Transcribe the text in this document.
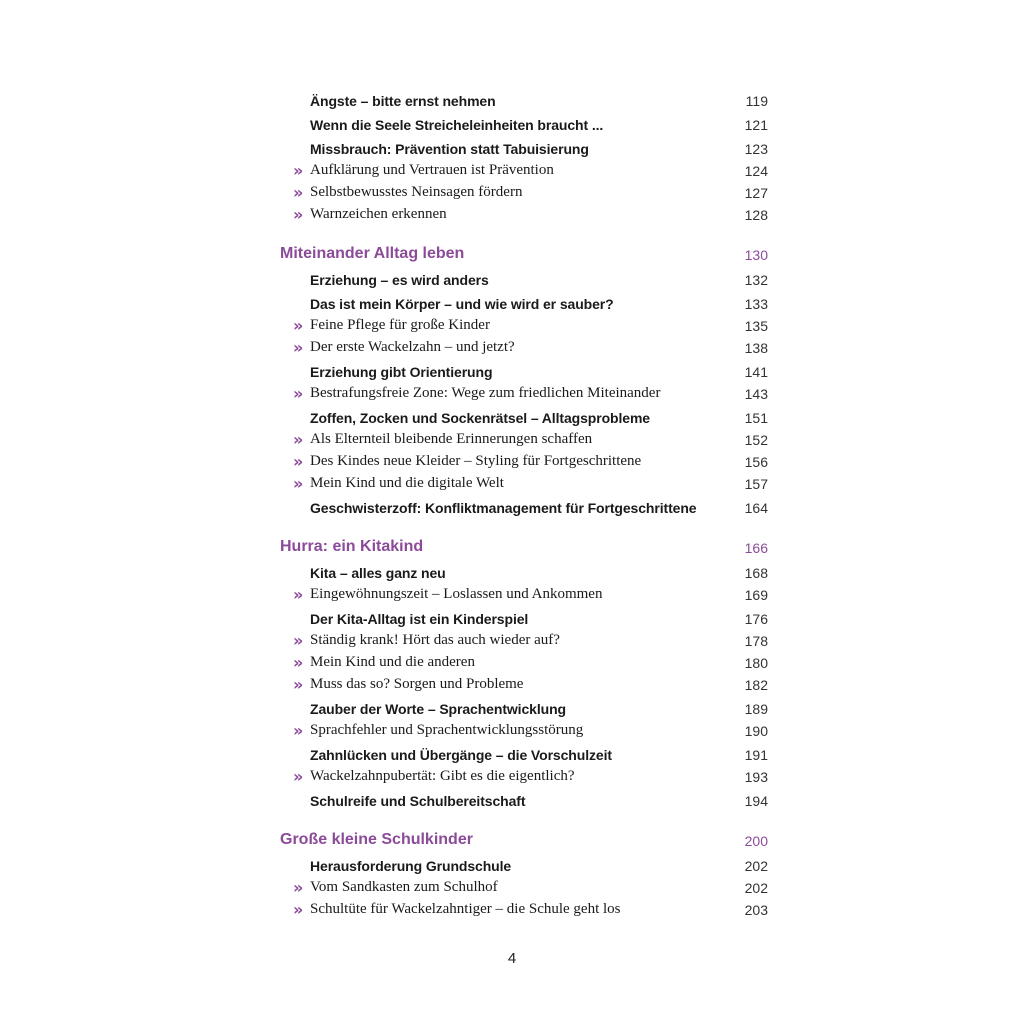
Ängste – bitte ernst nehmen	119
Wenn die Seele Streicheleinheiten braucht ...	121
Missbrauch: Prävention statt Tabuisierung	123
» Aufklärung und Vertrauen ist Prävention	124
» Selbstbewusstes Neinsagen fördern	127
» Warnzeichen erkennen	128
Miteinander Alltag leben	130
Erziehung – es wird anders	132
Das ist mein Körper – und wie wird er sauber?	133
» Feine Pflege für große Kinder	135
» Der erste Wackelzahn – und jetzt?	138
Erziehung gibt Orientierung	141
» Bestrafungsfreie Zone: Wege zum friedlichen Miteinander	143
Zoffen, Zocken und Sockenrätsel – Alltagsprobleme	151
» Als Elternteil bleibende Erinnerungen schaffen	152
» Des Kindes neue Kleider – Styling für Fortgeschrittene	156
» Mein Kind und die digitale Welt	157
Geschwisterzoff: Konfliktmanagement für Fortgeschrittene	164
Hurra: ein Kitakind	166
Kita – alles ganz neu	168
» Eingewöhnungszeit – Loslassen und Ankommen	169
Der Kita-Alltag ist ein Kinderspiel	176
» Ständig krank! Hört das auch wieder auf?	178
» Mein Kind und die anderen	180
» Muss das so? Sorgen und Probleme	182
Zauber der Worte – Sprachentwicklung	189
» Sprachfehler und Sprachentwicklungsstörung	190
Zahnlücken und Übergänge – die Vorschulzeit	191
» Wackelzahnpubertät: Gibt es die eigentlich?	193
Schulreife und Schulbereitschaft	194
Große kleine Schulkinder	200
Herausforderung Grundschule	202
» Vom Sandkasten zum Schulhof	202
» Schultüte für Wackelzahntiger – die Schule geht los	203
4
